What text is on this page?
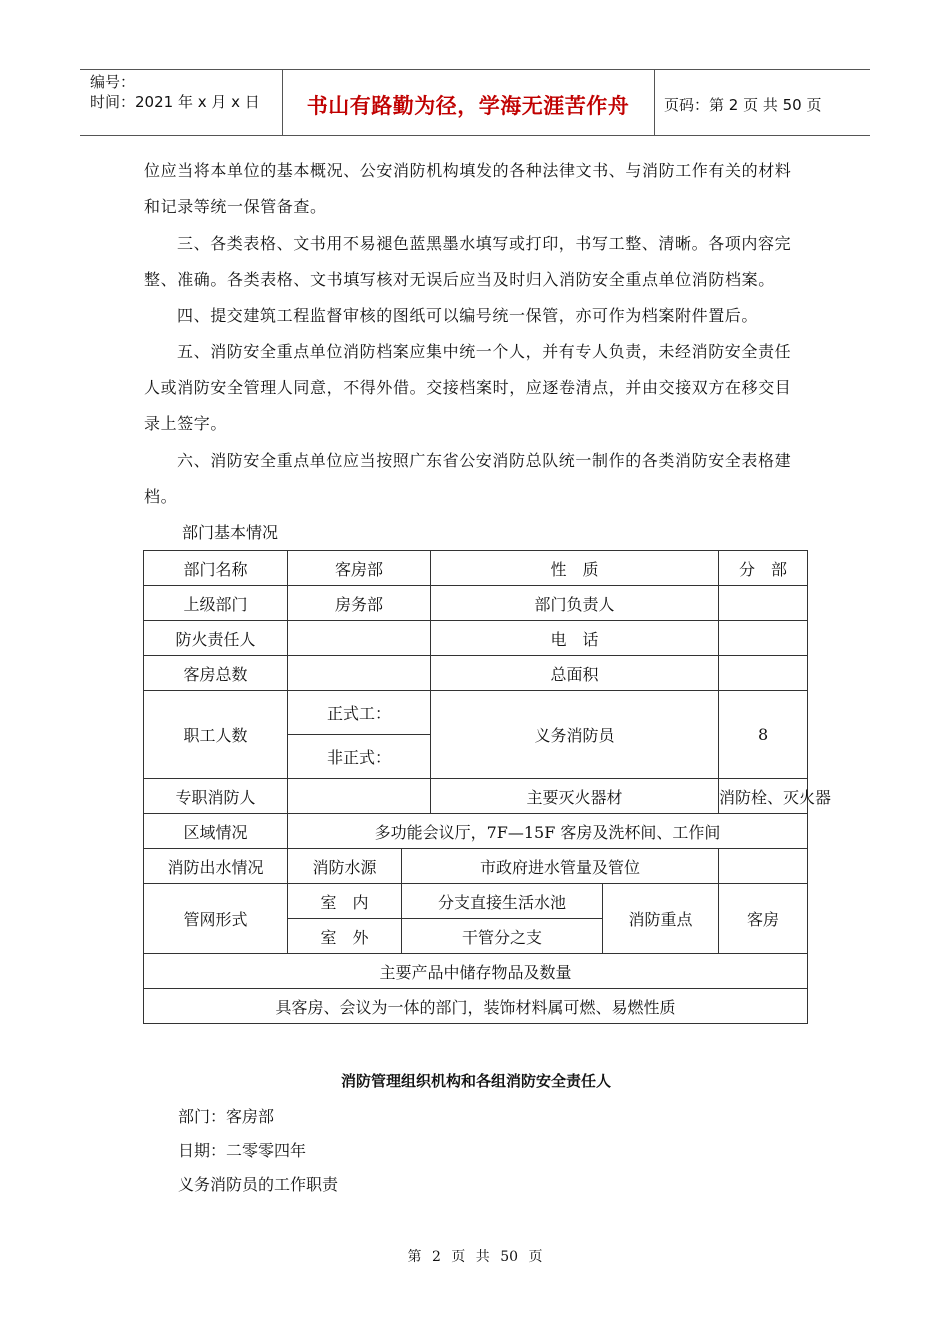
编号：
时间：2021 年 x 月 x 日	书山有路勤为径，学海无涯苦作舟	页码：第 2 页 共 50 页

位应当将本单位的基本概况、公安消防机构填发的各种法律文书、与消防工作有关的材料和记录等统一保管备查。

三、各类表格、文书用不易褪色蓝黑墨水填写或打印，书写工整、清晰。各项内容完整、准确。各类表格、文书填写核对无误后应当及时归入消防安全重点单位消防档案。

四、提交建筑工程监督审核的图纸可以编号统一保管，亦可作为档案附件置后。

五、消防安全重点单位消防档案应集中统一个人，并有专人负责，未经消防安全责任人或消防安全管理人同意，不得外借。交接档案时，应逐卷清点，并由交接双方在移交目录上签字。

六、消防安全重点单位应当按照广东省公安消防总队统一制作的各类消防安全表格建档。

部门基本情况
部门名称	客房部		性　质		分　部
上级部门	房务部		部门负责人		
防火责任人			电　话		
客房总数			总面积		
职工人数	正式工：		义务消防员		8
	非正式：				
专职消防人			主要灭火器材		消防栓、灭火器
区域情况	多功能会议厅，7F—15F 客房及洗杯间、工作间				
消防出水情况	消防水源	市政府进水管量及管位			
管网形式	室　内	分支直接生活水池		消防重点	客房
	室　外	干管分之支			
主要产品中储存物品及数量					
具客房、会议为一体的部门，装饰材料属可燃、易燃性质					
消防管理组织机构和各组消防安全责任人
部门：客房部
日期：二零零四年
义务消防员的工作职责
第 2 页 共 50 页
